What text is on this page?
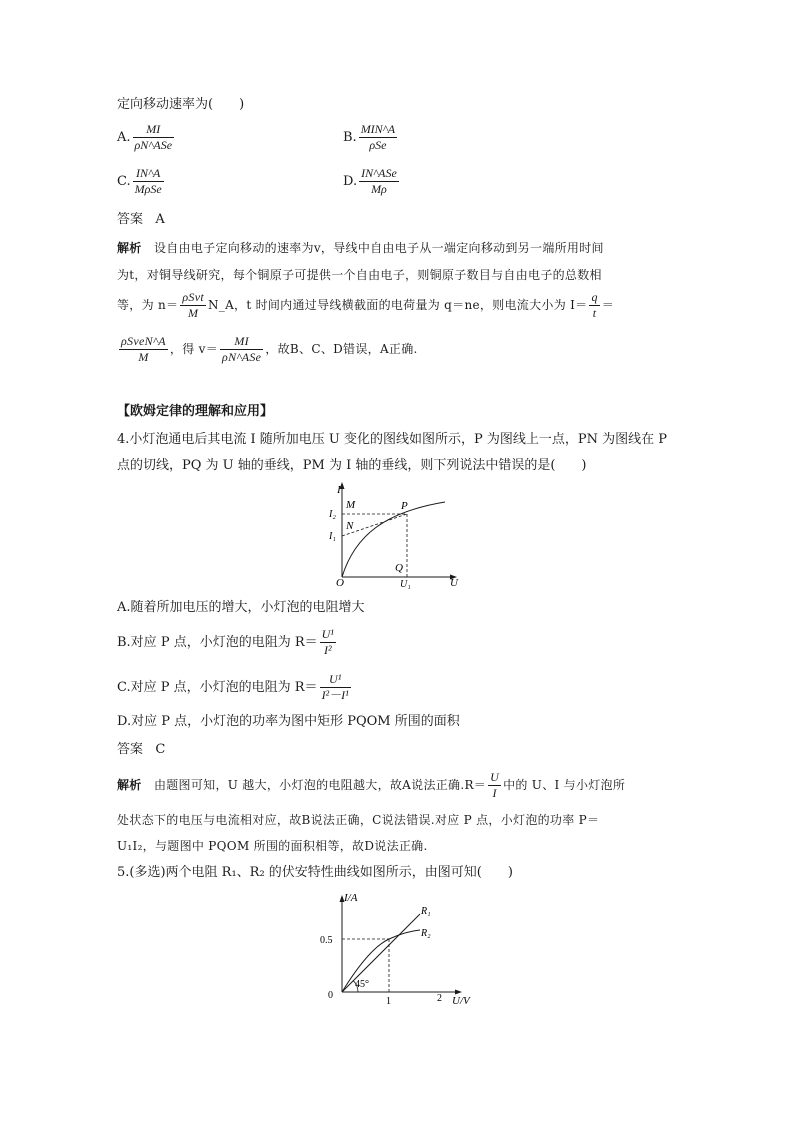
定向移动速率为(　　)
A. $\frac{MI}{\text{ρN\textasciicircum{}ASe}}$	B. $\frac{\text{MIN\textasciicircum{}A}}{\text{ρSe}}$
C. $\frac{IN\^{}A}{\text{MρSe}}$	D. $\frac{\text{IN\textasciicircum{}ASe}}{M\rho}$
答案 A
解析 设自由电子定向移动的速率为v，导线中自由电子从一端定向移动到另一端所用时间
为t，对铜导线研究，每个铜原子可提供一个自由电子，则铜原子数目与自由电子的总数相
等，为 $n= \frac{\text{ρSvt}}{M}$ N_A，t 时间内通过导线横截面的电荷量为 q＝ne，则电流大小为 $I= \frac{q}{t}$ ＝
$\frac{\text{ρSveN\textasciicircum{}A}}{M}$ ，得 $v= \frac{MI}{\text{ρN\textasciicircum{}ASe}}$ ，故B、C、D错误，A正确.
【欧姆定律的理解和应用】
4.小灯泡通电后其电流 I 随所加电压 U 变化的图线如图所示，P 为图线上一点，PN 为图线在 P
点的切线，PQ 为 U 轴的垂线，PM 为 I 轴的垂线，则下列说法中错误的是(　　)
I
M	P
I₂
N
I₁
O
Q
U₁	U
A.随着所加电压的增大，小灯泡的电阻增大
B.对应 P 点，小灯泡的电阻为 $R= \frac{\text{U¹}}{\text{I²}}$
C.对应 P 点，小灯泡的电阻为 $R= \frac{\text{U¹}}{\text{I²－I¹}}$
D.对应 P 点，小灯泡的功率为图中矩形 PQOM 所围的面积
答案 C
解析 由题图可知，U 越大，小灯泡的电阻越大，故A说法正确$.R= \frac{U}{I}$ 中的 U、I 与小灯泡所
处状态下的电压与电流相对应，故B说法正确，C说法错误.对应 P 点，小灯泡的功率 P＝
U₁I₂，与题图中 PQOM 所围的面积相等，故D说法正确.
5.(多选)两个电阻 R₁、R₂ 的伏安特性曲线如图所示，由图可知(　　)
I/A
R₁
R₂
0.5
45°
0
1	2 U/V
